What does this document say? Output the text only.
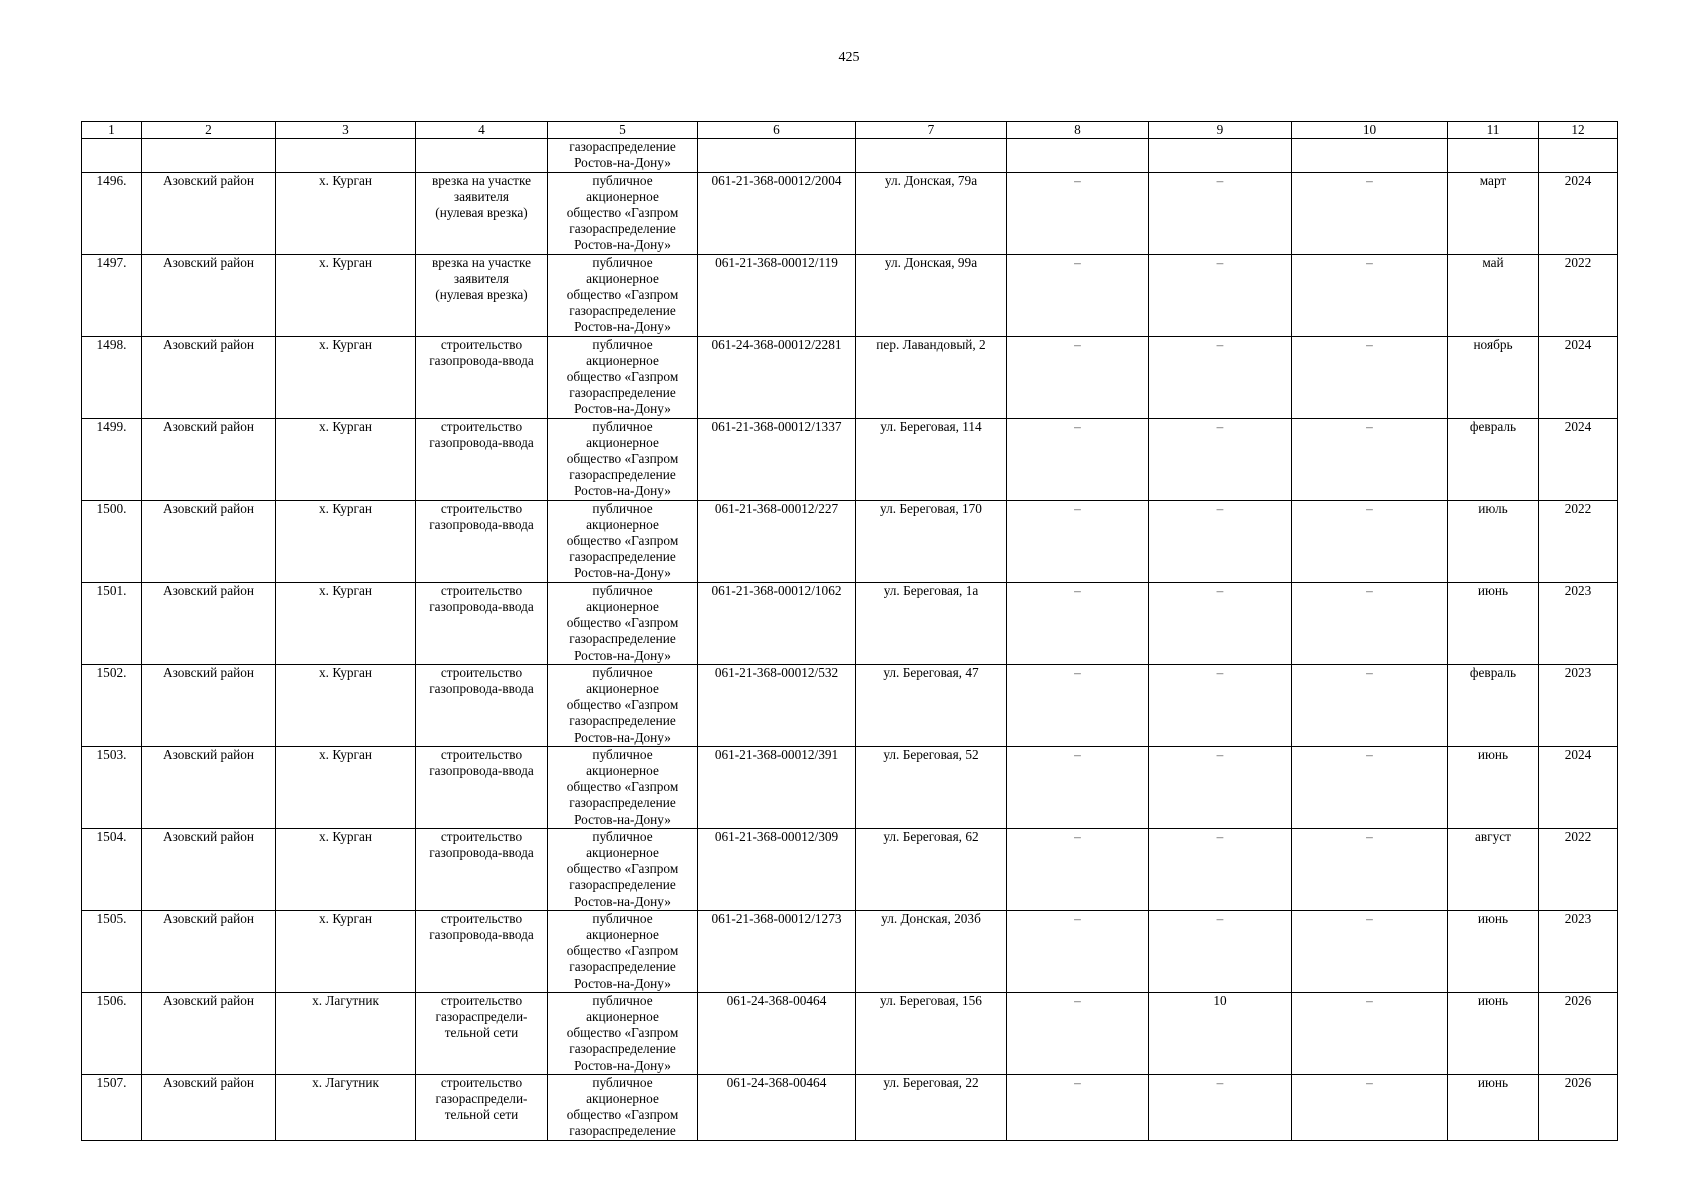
425
1	2	3	4	5	6	7	8	9	10	11	12
				газораспределение
Ростов-на-Дону»							
1496.	Азовский район	х. Курган	врезка на участке
заявителя
(нулевая врезка)	публичное
акционерное
общество «Газпром
газораспределение
Ростов-на-Дону»	061-21-368-00012/2004	ул. Донская, 79а	–	–	–	март	2024
1497.	Азовский район	х. Курган	врезка на участке
заявителя
(нулевая врезка)	публичное
акционерное
общество «Газпром
газораспределение
Ростов-на-Дону»	061-21-368-00012/119	ул. Донская, 99а	–	–	–	май	2022
1498.	Азовский район	х. Курган	строительство
газопровода-ввода	публичное
акционерное
общество «Газпром
газораспределение
Ростов-на-Дону»	061-24-368-00012/2281	пер. Лавандовый, 2	–	–	–	ноябрь	2024
1499.	Азовский район	х. Курган	строительство
газопровода-ввода	публичное
акционерное
общество «Газпром
газораспределение
Ростов-на-Дону»	061-21-368-00012/1337	ул. Береговая, 114	–	–	–	февраль	2024
1500.	Азовский район	х. Курган	строительство
газопровода-ввода	публичное
акционерное
общество «Газпром
газораспределение
Ростов-на-Дону»	061-21-368-00012/227	ул. Береговая, 170	–	–	–	июль	2022
1501.	Азовский район	х. Курган	строительство
газопровода-ввода	публичное
акционерное
общество «Газпром
газораспределение
Ростов-на-Дону»	061-21-368-00012/1062	ул. Береговая, 1а	–	–	–	июнь	2023
1502.	Азовский район	х. Курган	строительство
газопровода-ввода	публичное
акционерное
общество «Газпром
газораспределение
Ростов-на-Дону»	061-21-368-00012/532	ул. Береговая, 47	–	–	–	февраль	2023
1503.	Азовский район	х. Курган	строительство
газопровода-ввода	публичное
акционерное
общество «Газпром
газораспределение
Ростов-на-Дону»	061-21-368-00012/391	ул. Береговая, 52	–	–	–	июнь	2024
1504.	Азовский район	х. Курган	строительство
газопровода-ввода	публичное
акционерное
общество «Газпром
газораспределение
Ростов-на-Дону»	061-21-368-00012/309	ул. Береговая, 62	–	–	–	август	2022
1505.	Азовский район	х. Курган	строительство
газопровода-ввода	публичное
акционерное
общество «Газпром
газораспределение
Ростов-на-Дону»	061-21-368-00012/1273	ул. Донская, 203б	–	–	–	июнь	2023
1506.	Азовский район	х. Лагутник	строительство
газораспредели-
тельной сети	публичное
акционерное
общество «Газпром
газораспределение
Ростов-на-Дону»	061-24-368-00464	ул. Береговая, 156	–	10	–	июнь	2026
1507.	Азовский район	х. Лагутник	строительство
газораспредели-
тельной сети	публичное
акционерное
общество «Газпром
газораспределение	061-24-368-00464	ул. Береговая, 22	–	–	–	июнь	2026
